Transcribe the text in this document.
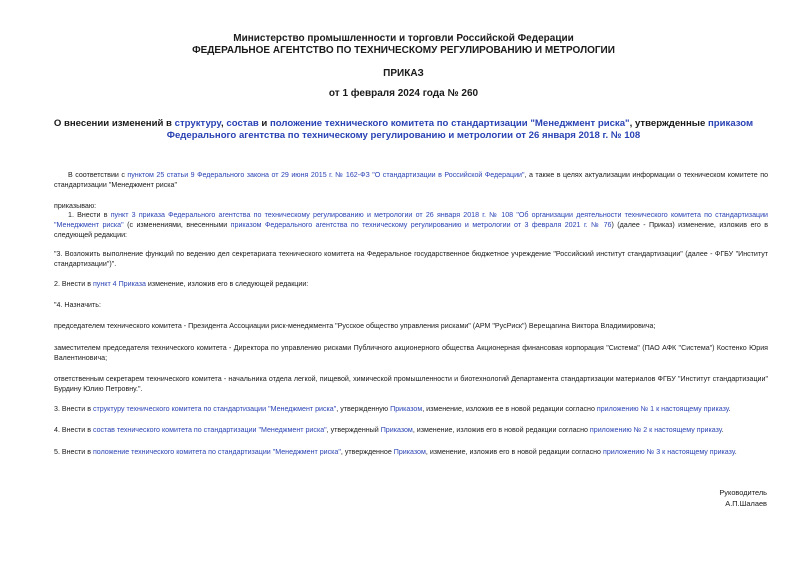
Министерство промышленности и торговли Российской Федерации
ФЕДЕРАЛЬНОЕ АГЕНТСТВО ПО ТЕХНИЧЕСКОМУ РЕГУЛИРОВАНИЮ И МЕТРОЛОГИИ
ПРИКАЗ
от 1 февраля 2024 года № 260
О внесении изменений в структуру, состав и положение технического комитета по стандартизации "Менеджмент риска", утвержденные приказом Федерального агентства по техническому регулированию и метрологии от 26 января 2018 г. № 108
В соответствии с пунктом 25 статьи 9 Федерального закона от 29 июня 2015 г. № 162-ФЗ "О стандартизации в Российской Федерации", а также в целях актуализации информации о техническом комитете по стандартизации "Менеджмент риска"
приказываю:
1. Внести в пункт 3 приказа Федерального агентства по техническому регулированию и метрологии от 26 января 2018 г. № 108 "Об организации деятельности технического комитета по стандартизации "Менеджмент риска" (с изменениями, внесенными приказом Федерального агентства по техническому регулированию и метрологии от 3 февраля 2021 г. № 76) (далее - Приказ) изменение, изложив его в следующей редакции:
"3. Возложить выполнение функций по ведению дел секретариата технического комитета на Федеральное государственное бюджетное учреждение "Российский институт стандартизации" (далее - ФГБУ "Институт стандартизации")".
2. Внести в пункт 4 Приказа изменение, изложив его в следующей редакции:
"4. Назначить:
председателем технического комитета - Президента Ассоциации риск-менеджмента "Русское общество управления рисками" (АРМ "РусРиск") Верещагина Виктора Владимировича;
заместителем председателя технического комитета - Директора по управлению рисками Публичного акционерного общества Акционерная финансовая корпорация "Система" (ПАО АФК "Система") Костенко Юрия Валентиновича;
ответственным секретарем технического комитета - начальника отдела легкой, пищевой, химической промышленности и биотехнологий Департамента стандартизации материалов ФГБУ "Институт стандартизации" Бурдину Юлию Петровну.".
3. Внести в структуру технического комитета по стандартизации "Менеджмент риска", утвержденную Приказом, изменение, изложив ее в новой редакции согласно приложению № 1 к настоящему приказу.
4. Внести в состав технического комитета по стандартизации "Менеджмент риска", утвержденный Приказом, изменение, изложив его в новой редакции согласно приложению № 2 к настоящему приказу.
5. Внести в положение технического комитета по стандартизации "Менеджмент риска", утвержденное Приказом, изменение, изложив его в новой редакции согласно приложению № 3 к настоящему приказу.
Руководитель
А.П.Шалаев
